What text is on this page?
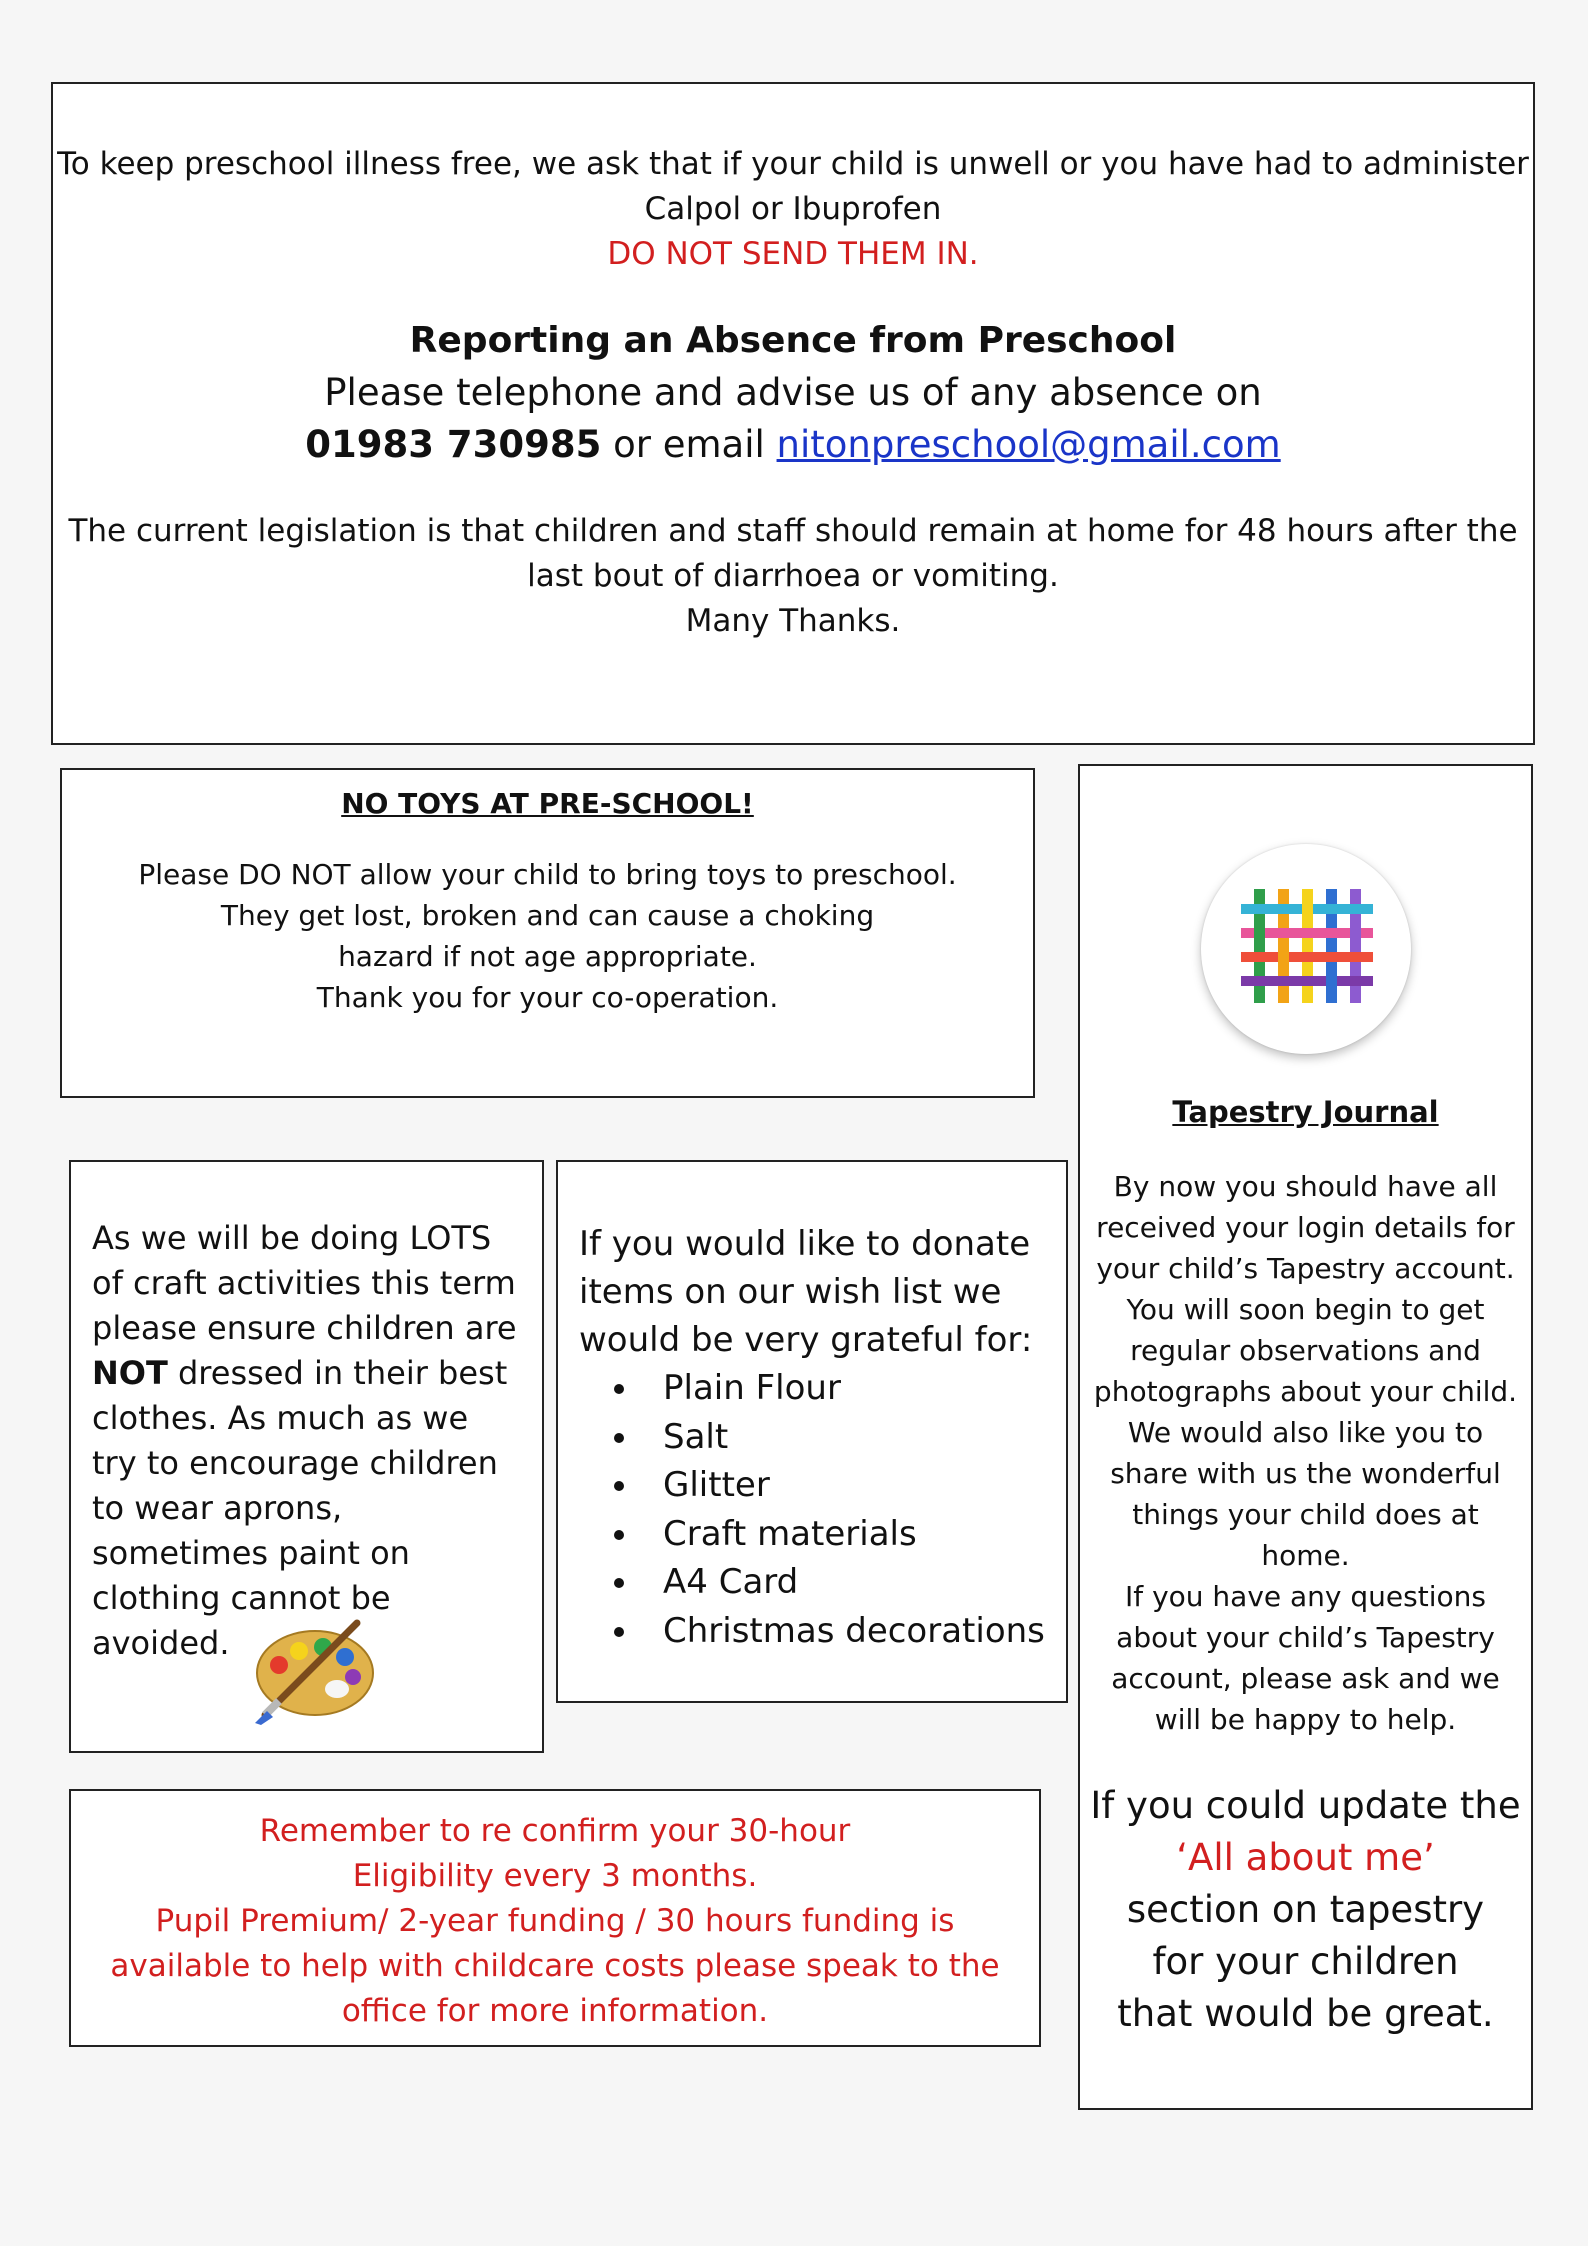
To keep preschool illness free, we ask that if your child is unwell or you have had to administer
Calpol or Ibuprofen
DO NOT SEND THEM IN.
Reporting an Absence from Preschool
Please telephone and advise us of any absence on
01983 730985 or email nitonpreschool@gmail.com
The current legislation is that children and staff should remain at home for 48 hours after the
last bout of diarrhoea or vomiting.
Many Thanks.
NO TOYS AT PRE-SCHOOL!
Please DO NOT allow your child to bring toys to preschool.
They get lost, broken and can cause a choking hazard if not age appropriate.
Thank you for your co-operation.
Tapestry Journal
By now you should have all received your login details for your child’s Tapestry account. You will soon begin to get regular observations and photographs about your child. We would also like you to share with us the wonderful things your child does at home.
If you have any questions about your child’s Tapestry account, please ask and we will be happy to help.
If you could update the
‘All about me’
section on tapestry for your children that would be great.
As we will be doing LOTS of craft activities this term please ensure children are NOT dressed in their best clothes. As much as we try to encourage children to wear aprons, sometimes paint on clothing cannot be avoided.
If you would like to donate items on our wish list we would be very grateful for:
• Plain Flour
• Salt
• Glitter
• Craft materials
• A4 Card
• Christmas decorations
Remember to re confirm your 30-hour Eligibility every 3 months.
Pupil Premium/ 2-year funding / 30 hours funding is available to help with childcare costs please speak to the office for more information.
